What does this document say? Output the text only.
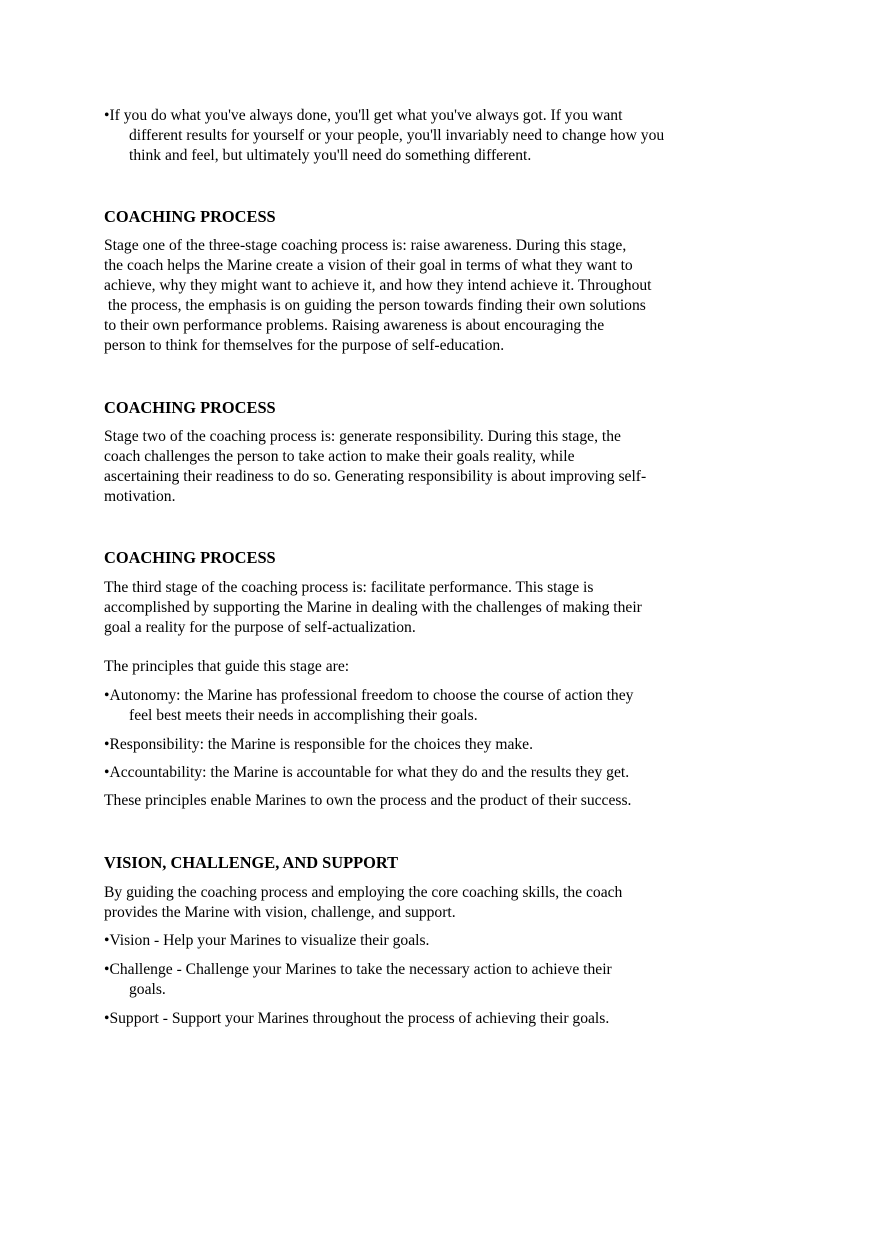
•If you do what you've always done, you'll get what you've always got. If you want

different results for yourself or your people, you'll invariably need to change how you

think and feel, but ultimately you'll need do something different.

COACHING PROCESS

Stage one of the three-stage coaching process is: raise awareness. During this stage,

the coach helps the Marine create a vision of their goal in terms of what they want to

achieve, why they might want to achieve it, and how they intend achieve it. Throughout

the process, the emphasis is on guiding the person towards finding their own solutions

to their own performance problems. Raising awareness is about encouraging the

person to think for themselves for the purpose of self-education.

COACHING PROCESS

Stage two of the coaching process is: generate responsibility. During this stage, the

coach challenges the person to take action to make their goals reality, while

ascertaining their readiness to do so. Generating responsibility is about improving self-

motivation.

COACHING PROCESS

The third stage of the coaching process is: facilitate performance. This stage is

accomplished by supporting the Marine in dealing with the challenges of making their

goal a reality for the purpose of self-actualization.

The principles that guide this stage are:

•Autonomy: the Marine has professional freedom to choose the course of action they

feel best meets their needs in accomplishing their goals.

•Responsibility: the Marine is responsible for the choices they make.

•Accountability: the Marine is accountable for what they do and the results they get.

These principles enable Marines to own the process and the product of their success.

VISION, CHALLENGE, AND SUPPORT

By guiding the coaching process and employing the core coaching skills, the coach

provides the Marine with vision, challenge, and support.

•Vision - Help your Marines to visualize their goals.

•Challenge - Challenge your Marines to take the necessary action to achieve their

goals.

•Support - Support your Marines throughout the process of achieving their goals.
